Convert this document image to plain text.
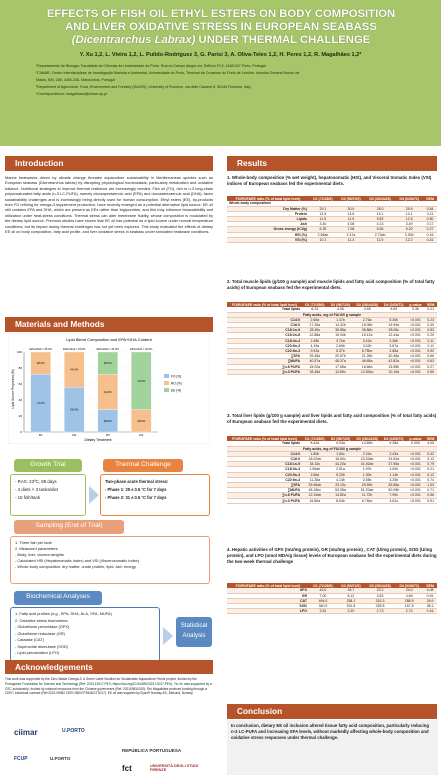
EFFECTS OF FISH OIL ETHYL ESTERS ON BODY COMPOSITION
AND LIVER OXIDATIVE STRESS IN EUROPEAN SEABASS
(Dicentrarchus Labrax) UNDER THERMAL CHALLENGE
Y. Xu 1,2, L. Vieira 1,2, L. Pulido-Rodríguez 3, G. Parisi 3, A. Oliva-Teles 1,2, H. Peres 1,2, R. Magalhães 1,2*
¹Departamento de Biologia, Faculdade de Ciências da Universidade do Porto, Rua do Campo Alegre s/n, Edifício FC4, 4169-007 Porto, Portugal
²CIIMAR, Centro Interdisciplinar de Investigação Marinha e Ambiental, Universidade do Porto, Terminal de Cruzeiros do Porto de Leixões. Avenida General Norton de
Matos, S/N, 289, 4450-208- Matosinhos, Portugal
³Department of Agriculture, Food, Environment and Forestry (DAGRI), University of Florence, via delle Cascine 5, 50144 Florence, Italy
*Correspondence: rmagalhaes@ciimar.up.pt
Introduction
Marine heatwaves driven by climate change threaten aquaculture sustainability in Mediterranean species such as European seabass (Dicentrarchus labrax) by disrupting physiological homeostasis, particularly metabolism and oxidative balance. Nutritional strategies to improve thermal resilience are increasingly needed. Fish oil (FO), rich in n-3 long-chain polyunsaturated fatty acids (n-3 LC-PUFA), namely eicosapentaenoic acid (EPA) and docosahexaenoic acid (DHA), faces sustainability challenges and is increasingly being directly used for human consumption. Ethyl esters (EE), by-products from FO refining for omega-3 supplement production, have recently emerged as a potential alternative lipid source. EE oil still contains EPA and DHA, which are present as EEs rather than triglycerides, and this may influence bioavailability and utilization under heat-stress conditions. Thermal stress can alter membrane fluidity, whose composition is modulated by the dietary lipid source. Previous studies have shown that EE oil has potential as a lipid source under normal temperature conditions, but its impact during thermal challenges has not yet been explored. This study evaluated the effects of dietary EE oil on body composition, fatty acid profile, and liver oxidative stress in seabass under simulated heatwave conditions.
Materials and Methods
Lipid Blend Composition and EPA+DHA Content
Lipid Source Proportion (%)
Dietary Treatment
0
20
40
60
80
100
72.0%
28.0%
EPA+DHA = 25.3%
D1
56.0%
44.0%
EPA+DHA = 23.5%
D2
28.0%
44.0%
28.0%
EPA+DHA = 24.5%
D3
28.0%
72.0%
EPA+DHA = 23.0%
D4
FO (%)
RO (%)
EE (%)
Growth Trial
- RAS: 23ºC, 88 days
- 4 diets × 3 tanks/diet
- 15 fish/tank
Thermal Challenge
Two-phase acute thermal stress:
- Phase 1: 29 ± 0.5 °C for 7 days
- Phase 2: 31 ± 0.5 °C for 7 days
Sampling (End of Trial)
1. Three fish per tank
2. Measured parameters:
- Body, liver, viscera weights
- Calculated HSI (Hepatosomatic Index) and VSI (Viscerosomatic Index)
- Whole-body composition: dry matter, crude protein, lipid, ash, energy
Biochemical Analyses
1. Fatty acid profiles (e.g., EPA, DHA, ALA, SFA, MUFA)
2. Oxidative stress biomarkers:
- Glutathione peroxidase (GPX)
- Glutathione reductase (GR)
- Catalase (CAT)
- Superoxide dismutase (SOD)
- Lipid peroxidation (LPO)
Statistical Analysis
Acknowledgements
This work was supported by the Zero-Waste Omega-3: A Green Label Solution for Sustainable Aquaculture Feeds project, funded by the Portuguese Foundation for Science and Technology (Ref: 2023.13017.PEX; https://doi.org/10.54499/2023.13017.PEX). Yiu Xu was supported by a CSC scholarship, funded by national resources from the Chinese government (Ref: 202109810020). Rui Magalhães received funding through a CEEC Individual contract (Ref:2023.09082.CEECIND/CP2848/CT0017). EE oil was supplied by Epax® Norway AS, Ålesund, Norway.
ciimar	U.PORTO
FCUP	U.PORTO
REPÚBLICA PORTUGUESA
fct	UNIVERSITÀ DEGLI STUDI FIRENZE
Results
1. Whole-body composition (% wet weight), hepatosomatic (HSI), and Visceral Somatic Index (VSI) indices of European seabass fed the experimental diets.
FO/ROFAEE ratio (% of total lipid level)	D1 (72/28/0)	D2 (56/72/0)	D3 (28/44/28)	D4 (0/28/72)	SEM
Whole-body composition					
Dry Matter (%)	29.1	30.9	28.0	29.9	0.54
Protein	14.5	14.6	14.1	14.1	0.11
Lipids	11.5	11.9	9.82	12.5	0.50
Ash	3.40	4.08	4.13	3.49	0.17
Gross energy (KJ/g)	6.35	7.08	5.56	6.20	0.27
HSI (%)	2.56ab	2.47a	2.73ab	3.30b	0.16
VSI (%)	10.1	11.4	11.9	12.2	0.41
2. Total muscle lipids (g/100 g sample) and muscle lipids and fatty acid composition (% of total fatty acids) of European seabass fed the experimental diets.
FO/ROFAEE ratio (% of total lipid level)	D1 (72/28/0)	D2 (56/72/0)	D3 (28/44/28)	D4 (0/28/72)	p-value	SEM
Total lipids	6.24	4.06	4.48	5.69	0.36	0.21
Fatty acids, mg of FA/100 g sample						
C14:0	2.65a	1.47b	2.76a	5.30b	<0.001	0.23
C16:0	17.35a	14.32b	15.08b	19.99a	<0.001	0.39
C18:1n-9	28.45c	38.88a	35.86b	28.05c	<0.001	0.83
C18:2n-6	12.88a	15.94b	15.12a	12.44a	<0.001	0.29
C18:3n-3	2.48b	3.70a	3.42a	2.36b	<0.001	0.11
C20:5n-3	4.19a	2.69b	3.02b	3.67a	<0.001	0.11
C22:6n-3	9.92a	5.37b	6.78bc	2.68a	<0.001	0.52
∑SFA	25.45a	20.57b	21.26b	30.48a	<0.001	0.66
∑MUFA	40.57a	48.37a	46.65a	42.82a	<0.001	0.63
∑n-6 PUFA	15.02a	17.68a	16.66a	15.98b	<0.001	0.27
∑n-3 PUFA	18.45a	12.85c	12.53bc	10.19a	<0.001	0.55
3. Total liver lipids (g/100 g sample) and liver lipids and fatty acid composition (% of total fatty acids) of European seabass fed the experimental diets.
FO/ROFAEE ratio (% of total lipid level)	D1 (72/28/0)	D2 (56/72/0)	D3 (28/44/28)	D4 (0/28/72)	p-value	SEM
Total lipids	8.42a	9.03a	14.50b	9.28a	0.003	4.05
Fatty acids, mg of FA/100 g sample						
C14:0	1.80b	1.60c	2.24a	3.43a	<0.001	0.42
C16:0	18.02ab	16.60c	23.33ab	24.53a	<0.001	3.12
C18:1n-9	34.15c	44.20a	41.92ab	37.95a	<0.001	0.79
C18:3n-3	1.56ab	2.51a	1.97b	1.00b	<0.001	0.21
C20:5n-3	2.66a	5.20b	1.30b	1.14b	<0.001	0.12
C22:6n-3	11.26a	4.13b	2.65b	3.25b	<0.001	0.74
∑SFA	25.96ab	23.15c	29.59b	35.88a	<0.001	1.03
∑MUFA	45.18bc	53.08a	51.20ab	50.05b	<0.001	0.71
∑n-6 PUFA	12.19ab	14.82a	11.72b	7.99c	<0.001	0.56
∑n-3 PUFA	16.80a	8.64b	6.76bc	4.61c	<0.001	0.91
4. Hepatic activities of GPX (mU/mg protein), GR (mU/mg protein) , CAT (U/mg protein), SOD (U/mg protein), and LPO (nmol MDA/g tissue) levels of European seabass fed the experimental diets during the two-week thermal challenge
FO/ROFAEE ratio (% of total lipid level)	D1 (72/28/0)	D2 (56/72/0)	D3 (28/44/28)	D4 (0/28/72)	SEM
GPX	43.0	34.7	23.2	24.0	4.08
GR	7.00	8.12	3.53	4.66	0.91
CAT	494.0	338.1	315.3	288.9	39.9
SOD	340.9	291.8	225.8	157.8	38.1
LPO	3.51	3.20	2.73	2.74	0.16
Conclusion
In conclusion, dietary EE oil inclusion altered tissue fatty acid composition, particularly reducing n-3 LC-PUFA and increasing SFA levels, without markedly affecting whole-body composition and oxidative stress responses under thermal challenge.
